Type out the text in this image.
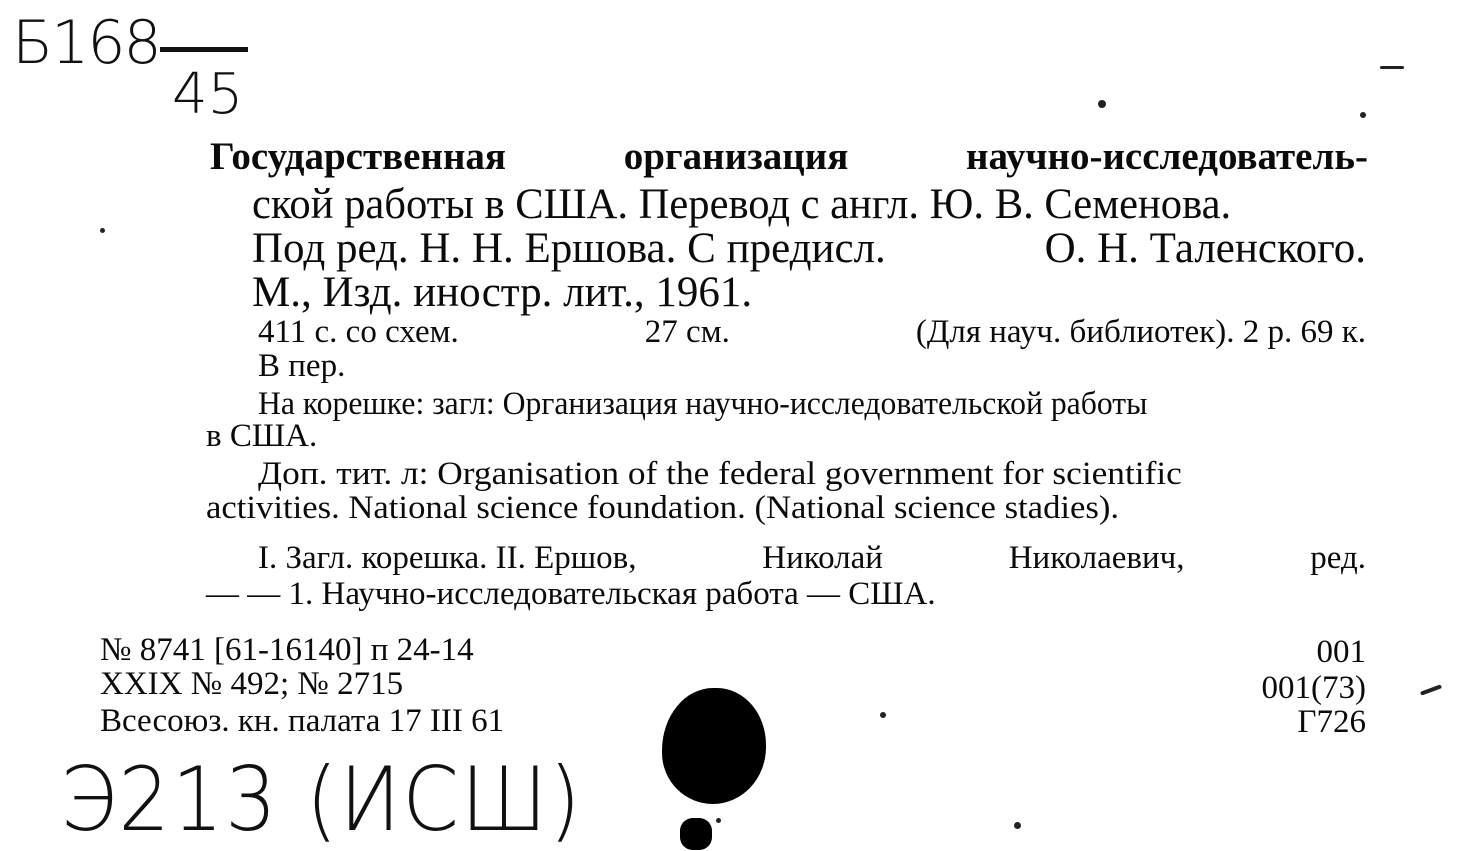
Б168
45
Государственная	организация	научно-исследователь-
ской работы в США. Перевод с англ. Ю. В. Семенова.
Под ред. Н. Н. Ершова. С предисл.	О. Н. Таленского.
М., Изд. иностр. лит., 1961.
411 с. со схем.	27 см.	(Для науч. библиотек). 2 р. 69 к.
В пер.
На корешке: загл: Организация научно-исследовательской работы
в США.
Доп. тит. л: Organisation of the federal government for scientific
activities. National science foundation. (National science stadies).
I. Загл. корешка. II. Ершов,	Николай	Николаевич,	ред.
— — 1. Научно-исследовательская работа — США.
№ 8741 [61-16140] п 24-14
XXIX № 492; № 2715
Всесоюз. кн. палата 17 III 61
001
001(73)
Г726
Э213 (ИСШ)
